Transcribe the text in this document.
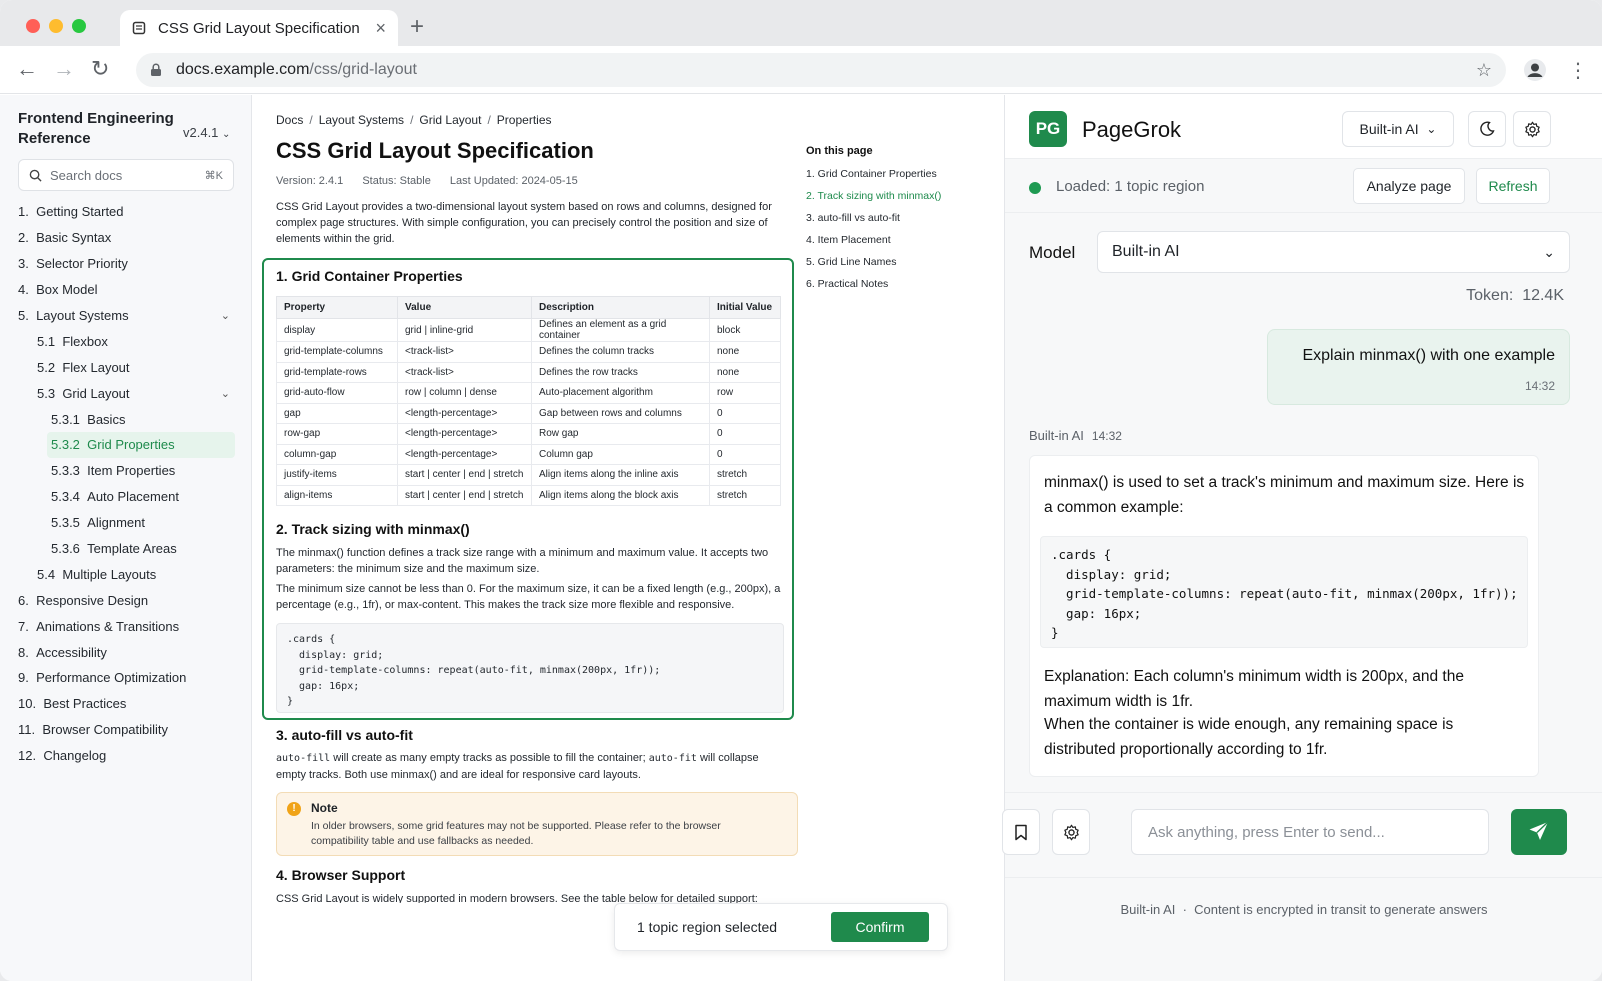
CSS Grid Layout Specification × +
← → ↻	docs.example.com/css/grid-layout	☆	⋮
Frontend Engineering Reference	v2.4.1 ⌄
Search docs	⌘K
1.
Getting Started
2.
Basic Syntax
3.
Selector Priority
4.
Box Model
5.
Layout Systems	⌄
5.1
Flexbox
5.2
Flex Layout
5.3
Grid Layout	⌄
5.3.1
Basics
5.3.2
Grid Properties
5.3.3
Item Properties
5.3.4
Auto Placement
5.3.5
Alignment
5.3.6
Template Areas
5.4
Multiple Layouts
6.
Responsive Design
7.
Animations & Transitions
8.
Accessibility
9.
Performance Optimization
10.
Best Practices
11.
Browser Compatibility
12.
Changelog
Docs / Layout Systems / Grid Layout / Properties
CSS Grid Layout Specification
Version: 2.4.1 Status: Stable Last Updated: 2024-05-15

CSS Grid Layout provides a two-dimensional layout system based on rows and columns, designed for complex page structures. With simple configuration, you can precisely control the position and size of elements within the grid.

1. Grid Container Properties
Property	Value	Description	Initial Value
display	grid | inline-grid	Defines an element as a grid container	block
grid-template-columns	<track-list>	Defines the column tracks	none
grid-template-rows	<track-list>	Defines the row tracks	none
grid-auto-flow	row | column | dense	Auto-placement algorithm	row
gap	<length-percentage>	Gap between rows and columns	0
row-gap	<length-percentage>	Row gap	0
column-gap	<length-percentage>	Column gap	0
justify-items	start | center | end | stretch	Align items along the inline axis	stretch
align-items	start | center | end | stretch	Align items along the block axis	stretch
2. Track sizing with minmax()

The minmax() function defines a track size range with a minimum and maximum value. It accepts two parameters: the minimum size and the maximum size.

The minimum size cannot be less than 0. For the maximum size, it can be a fixed length (e.g., 200px), a percentage (e.g., 1fr), or max-content. This makes the track size more flexible and responsive.

.cards {
display: grid;
grid-template-columns: repeat(auto-fit, minmax(200px, 1fr));
gap: 16px;
}
3. auto-fill vs auto-fit

auto-fill will create as many empty tracks as possible to fill the container; auto-fit will collapse empty tracks. Both use minmax() and are ideal for responsive card layouts.

!	Note

In older browsers, some grid features may not be supported. Please refer to the browser compatibility table and use fallbacks as needed.

4. Browser Support

CSS Grid Layout is widely supported in modern browsers. See the table below for detailed support:

On this page
1. Grid Container Properties
2. Track sizing with minmax()
3. auto-fill vs auto-fit
4. Item Placement
5. Grid Line Names
6. Practical Notes
1 topic region selected	Confirm
PG PageGrok	Built-in AI
⌄
Loaded: 1 topic region	Analyze page	Refresh
Model Built-in AI	⌄
Token: 12.4K
Explain minmax() with one example
14:32
Built-in AI 14:32

minmax() is used to set a track's minimum and maximum size. Here is a common example:

.cards {
display: grid;
grid-template-columns: repeat(auto-fit, minmax(200px, 1fr));
gap: 16px;
}

Explanation: Each column's minimum width is 200px, and the maximum width is 1fr.

When the container is wide enough, any remaining space is distributed proportionally according to 1fr.

Ask anything, press Enter to send...
Built-in AI  ·  Content is encrypted in transit to generate answers
